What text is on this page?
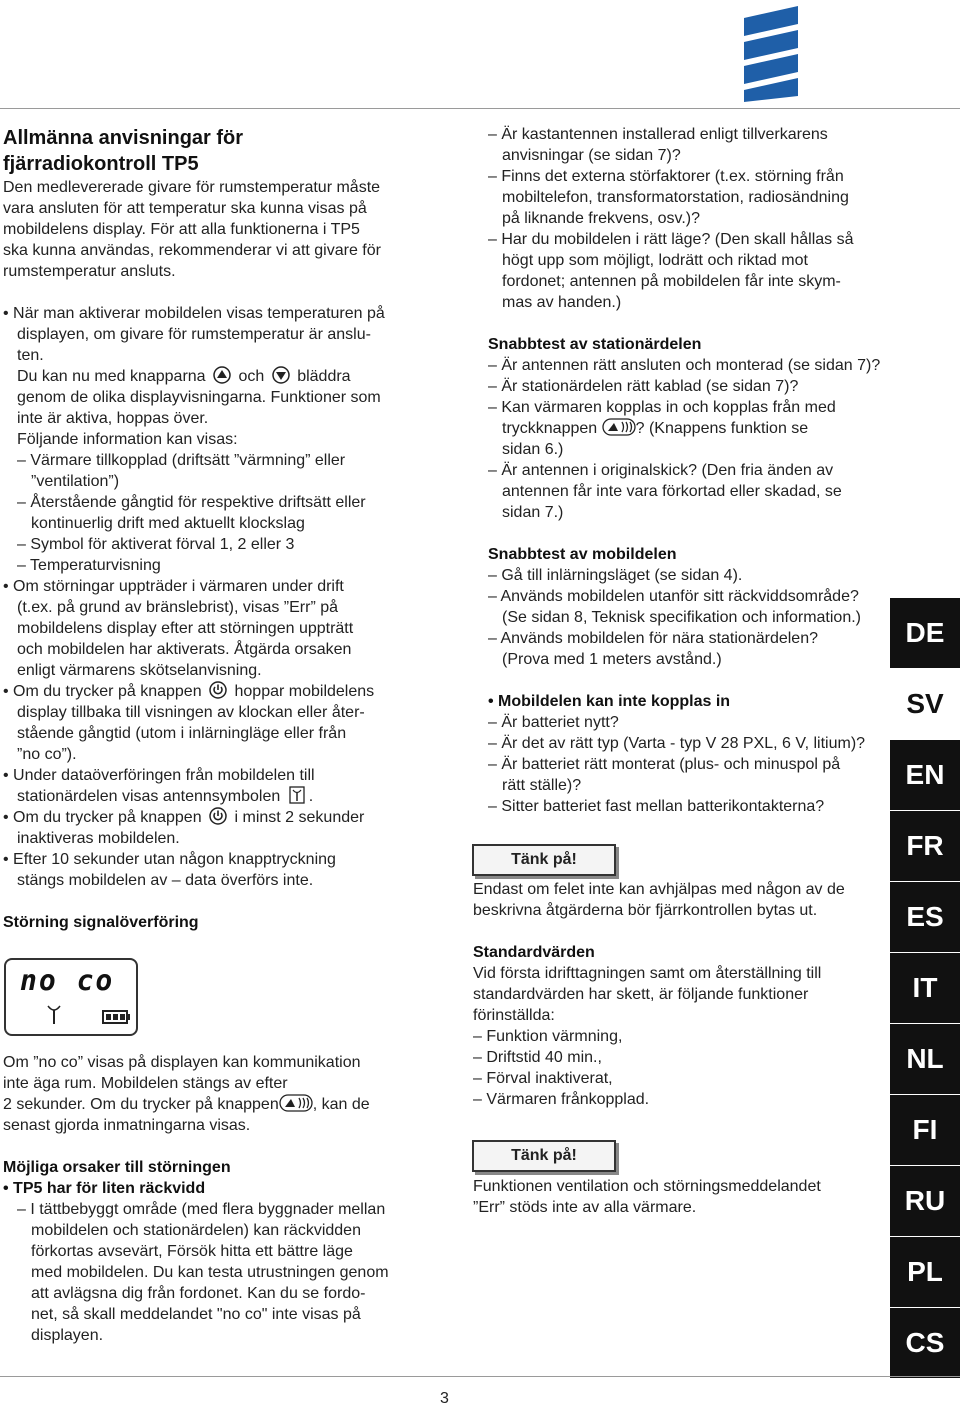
Allmänna anvisningar för
fjärradiokontroll TP5

Den medlevererade givare för rumstemperatur måste

vara ansluten för att temperatur ska kunna visas på

mobildelens display. För att alla funktionerna i TP5

ska kunna användas, rekommenderar vi att givare för

rumstemperatur ansluts.

• När man aktiverar mobildelen visas temperaturen på

displayen, om givare för rumstemperatur är anslu-

ten.

Du kan nu med knapparna och bläddra

genom de olika displayvisningarna. Funktioner som

inte är aktiva, hoppas över.

Följande information kan visas:

– Värmare tillkopplad (driftsätt ”värmning” eller

”ventilation”)

– Återstående gångtid för respektive driftsätt eller

kontinuerlig drift med aktuellt klockslag

– Symbol för aktiverat förval 1, 2 eller 3

– Temperaturvisning

• Om störningar uppträder i värmaren under drift

(t.ex. på grund av bränslebrist), visas ”Err” på

mobildelens display efter att störningen uppträtt

och mobildelen har aktiverats. Åtgärda orsaken

enligt värmarens skötselanvisning.

• Om du trycker på knappen hoppar mobildelens

display tillbaka till visningen av klockan eller åter-

stående gångtid (utom i inlärningläge eller från

”no co”).

• Under dataöverföringen från mobildelen till

stationärdelen visas antennsymbolen .

• Om du trycker på knappen i minst 2 sekunder

inaktiveras mobildelen.

• Efter 10 sekunder utan någon knapptryckning

stängs mobildelen av – data överförs inte.

Störning signalöverföring

no co

Om ”no co” visas på displayen kan kommunikation

inte äga rum. Mobildelen stängs av efter

2 sekunder. Om du trycker på knappen , kan de

senast gjorda inmatningarna visas.

Möjliga orsaker till störningen

• TP5 har för liten räckvidd

– I tättbebyggt område (med flera byggnader mellan

mobildelen och stationärdelen) kan räckvidden

förkortas avsevärt, Försök hitta ett bättre läge

med mobildelen. Du kan testa utrustningen genom

att avlägsna dig från fordonet. Kan du se fordo-

net, så skall meddelandet "no co" inte visas på

displayen.

– Är kastantennen installerad enligt tillverkarens

anvisningar (se sidan 7)?

– Finns det externa störfaktorer (t.ex. störning från

mobiltelefon, transformatorstation, radiosändning

på liknande frekvens, osv.)?

– Har du mobildelen i rätt läge? (Den skall hållas så

högt upp som möjligt, lodrätt och riktad mot

fordonet; antennen på mobildelen får inte skym-

mas av handen.)

Snabbtest av stationärdelen

– Är antennen rätt ansluten och monterad (se sidan 7)?

– Är stationärdelen rätt kablad (se sidan 7)?

– Kan värmaren kopplas in och kopplas från med

tryckknappen ? (Knappens funktion se

sidan 6.)

– Är antennen i originalskick? (Den fria änden av

antennen får inte vara förkortad eller skadad, se

sidan 7.)

Snabbtest av mobildelen

– Gå till inlärningsläget (se sidan 4).

– Används mobildelen utanför sitt räckviddsområde?

(Se sidan 8, Teknisk specifikation och information.)

– Används mobildelen för nära stationärdelen?

(Prova med 1 meters avstånd.)

• Mobildelen kan inte kopplas in

– Är batteriet nytt?

– Är det av rätt typ (Varta - typ V 28 PXL, 6 V, litium)?

– Är batteriet rätt monterat (plus- och minuspol på

rätt ställe)?

– Sitter batteriet fast mellan batterikontakterna?

Tänk på!

Endast om felet inte kan avhjälpas med någon av de

beskrivna åtgärderna bör fjärrkontrollen bytas ut.

Standardvärden

Vid första idrifttagningen samt om återställning till

standardvärden har skett, är följande funktioner

förinställda:

– Funktion värmning,

– Driftstid 40 min.,

– Förval inaktiverat,

– Värmaren frånkopplad.

Tänk på!

Funktionen ventilation och störningsmeddelandet

”Err” stöds inte av alla värmare.

DE
SV
EN
FR
ES
IT
NL
FI
RU
PL
CS
3
